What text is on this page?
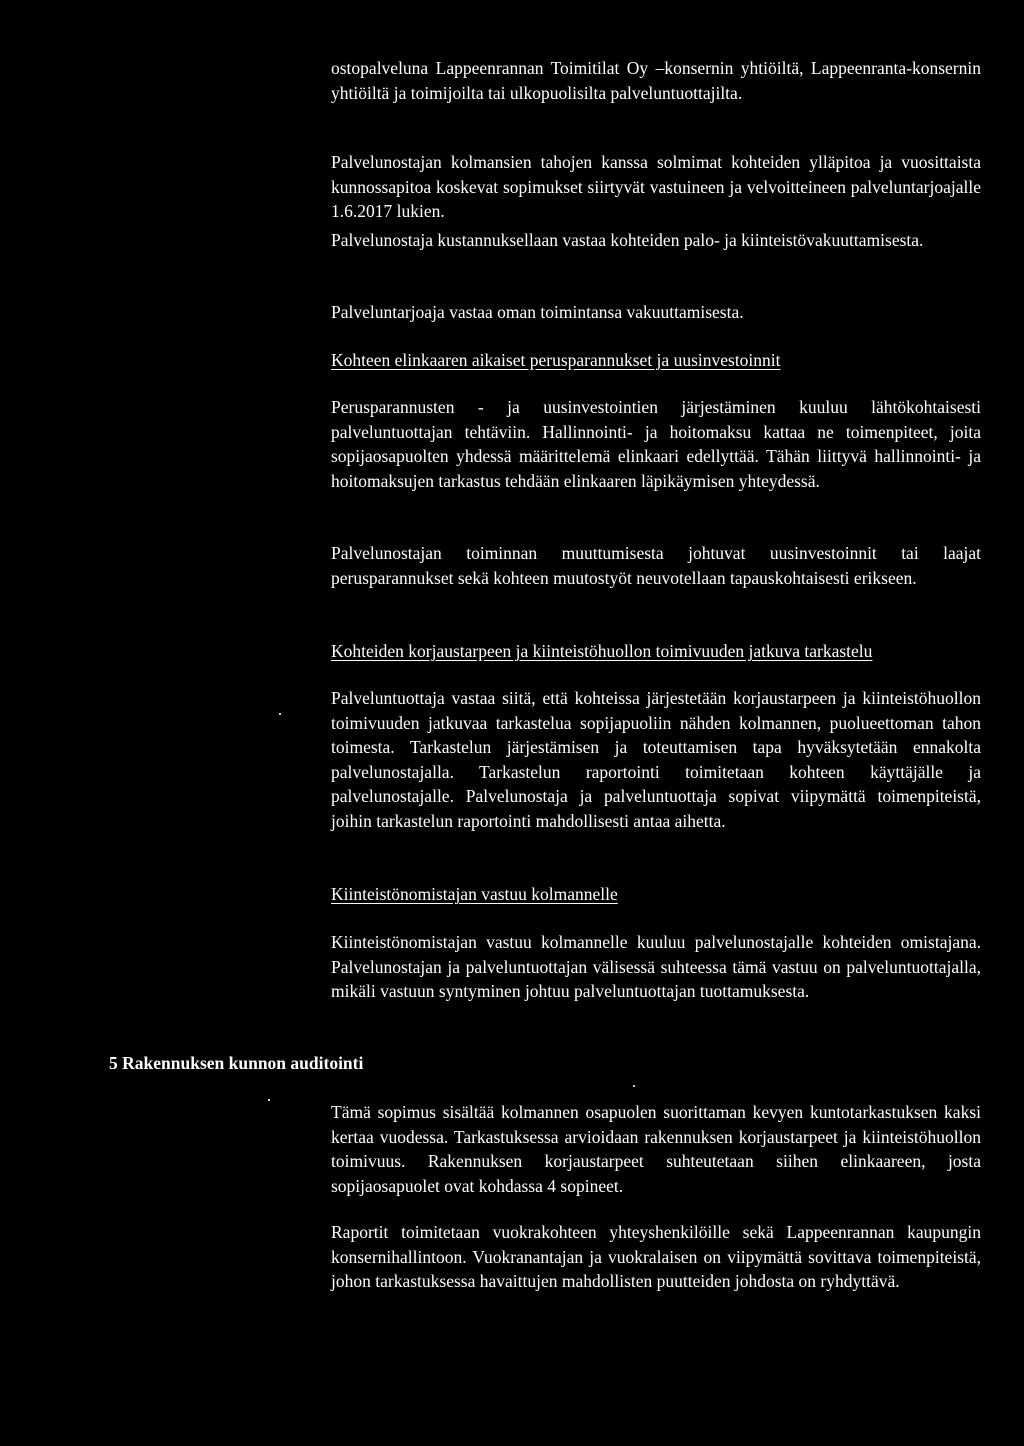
ostopalveluna Lappeenrannan Toimitilat Oy –konsernin yhtiöiltä, Lappeenranta-konsernin yhtiöiltä ja toimijoilta tai ulkopuolisilta palveluntuottajilta.

Palvelunostajan kolmansien tahojen kanssa solmimat kohteiden ylläpitoa ja vuosittaista kunnossapitoa koskevat sopimukset siirtyvät vastuineen ja velvoitteineen palveluntarjoajalle 1.6.2017 lukien.

Palvelunostaja kustannuksellaan vastaa kohteiden palo- ja kiinteistövakuuttamisesta.

Palveluntarjoaja vastaa oman toimintansa vakuuttamisesta.

Kohteen elinkaaren aikaiset perusparannukset ja uusinvestoinnit

Perusparannusten - ja uusinvestointien järjestäminen kuuluu lähtökohtaisesti palveluntuottajan tehtäviin. Hallinnointi- ja hoitomaksu kattaa ne toimenpiteet, joita sopijaosapuolten yhdessä määrittelemä elinkaari edellyttää. Tähän liittyvä hallinnointi- ja hoitomaksujen tarkastus tehdään elinkaaren läpikäymisen yhteydessä.

Palvelunostajan toiminnan muuttumisesta johtuvat uusinvestoinnit tai laajat perusparannukset sekä kohteen muutostyöt neuvotellaan tapauskohtaisesti erikseen.

Kohteiden korjaustarpeen ja kiinteistöhuollon toimivuuden jatkuva tarkastelu

Palveluntuottaja vastaa siitä, että kohteissa järjestetään korjaustarpeen ja kiinteistöhuollon toimivuuden jatkuvaa tarkastelua sopijapuoliin nähden kolmannen, puolueettoman tahon toimesta. Tarkastelun järjestämisen ja toteuttamisen tapa hyväksytetään ennakolta palvelunostajalla. Tarkastelun raportointi toimitetaan kohteen käyttäjälle ja palvelunostajalle. Palvelunostaja ja palveluntuottaja sopivat viipymättä toimenpiteistä, joihin tarkastelun raportointi mahdollisesti antaa aihetta.

Kiinteistönomistajan vastuu kolmannelle

Kiinteistönomistajan vastuu kolmannelle kuuluu palvelunostajalle kohteiden omistajana. Palvelunostajan ja palveluntuottajan välisessä suhteessa tämä vastuu on palveluntuottajalla, mikäli vastuun syntyminen johtuu palveluntuottajan tuottamuksesta.

5 Rakennuksen kunnon auditointi

Tämä sopimus sisältää kolmannen osapuolen suorittaman kevyen kuntotarkastuksen kaksi kertaa vuodessa. Tarkastuksessa arvioidaan rakennuksen korjaustarpeet ja kiinteistöhuollon toimivuus. Rakennuksen korjaustarpeet suhteutetaan siihen elinkaareen, josta sopijaosapuolet ovat kohdassa 4 sopineet.

Raportit toimitetaan vuokrakohteen yhteyshenkilöille sekä Lappeenrannan kaupungin konsernihallintoon. Vuokranantajan ja vuokralaisen on viipymättä sovittava toimenpiteistä, johon tarkastuksessa havaittujen mahdollisten puutteiden johdosta on ryhdyttävä.
